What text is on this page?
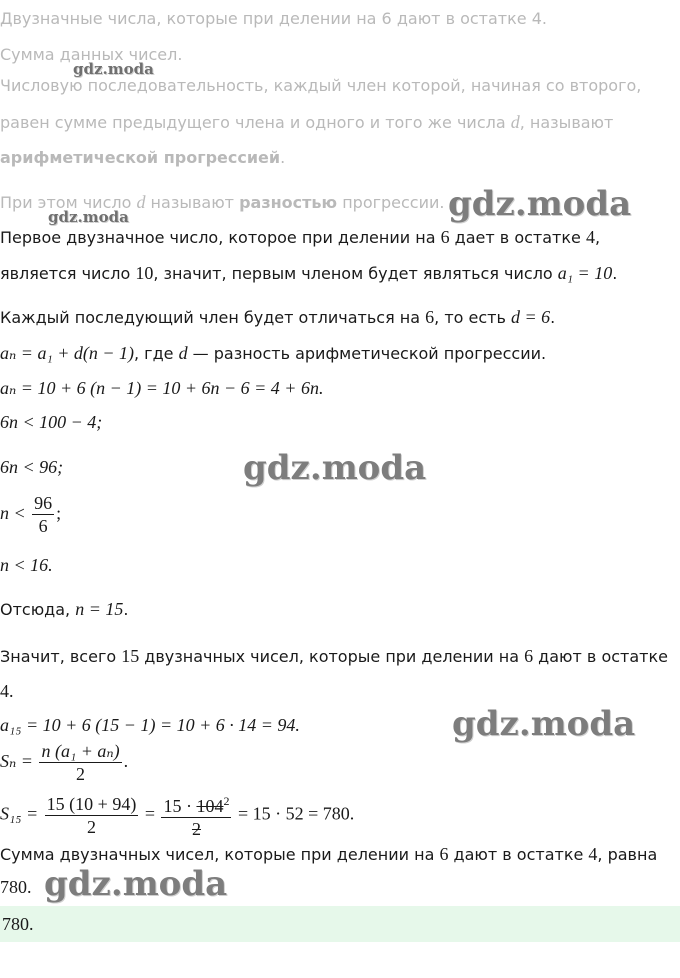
Двузначные числа, которые при делении на 6 дают в остатке 4.
Сумма данных чисел.
Числовую последовательность, каждый член которой, начиная со второго,
равен сумме предыдущего члена и одного и того же числа d, называют
арифметической прогрессией.
При этом число d называют разностью прогрессии.
Первое двузначное число, которое при делении на 6 дает в остатке 4,
является число 10, значит, первым членом будет являться число a₁ = 10.
Каждый последующий член будет отличаться на 6, то есть d = 6.
aₙ = a₁ + d(n − 1), где d — разность арифметической прогрессии.
aₙ = 10 + 6 (n − 1) = 10 + 6n − 6 = 4 + 6n.
6n < 100 − 4;
6n < 96;
$n < \frac{96}{6}$ ;
n < 16.
Отсюда, n = 15.
Значит, всего 15 двузначных чисел, которые при делении на 6 дают в остатке
4.
a₁₅ = 10 + 6 (15 − 1) = 10 + 6 · 14 = 94.
$S_n = \frac{\text{n (a₁ + aₙ)}}{2}$ .
$S_{15} = \frac{15 (10 + 94)}{2} = \frac{15 \cdot 104^2}{2} = 15 \cdot 52 = 780$.
Сумма двузначных чисел, которые при делении на 6 дают в остатке 4, равна
780.
780.
gdz.moda
gdz.moda	gdz.moda
gdz.moda
gdz.moda
gdz.moda
